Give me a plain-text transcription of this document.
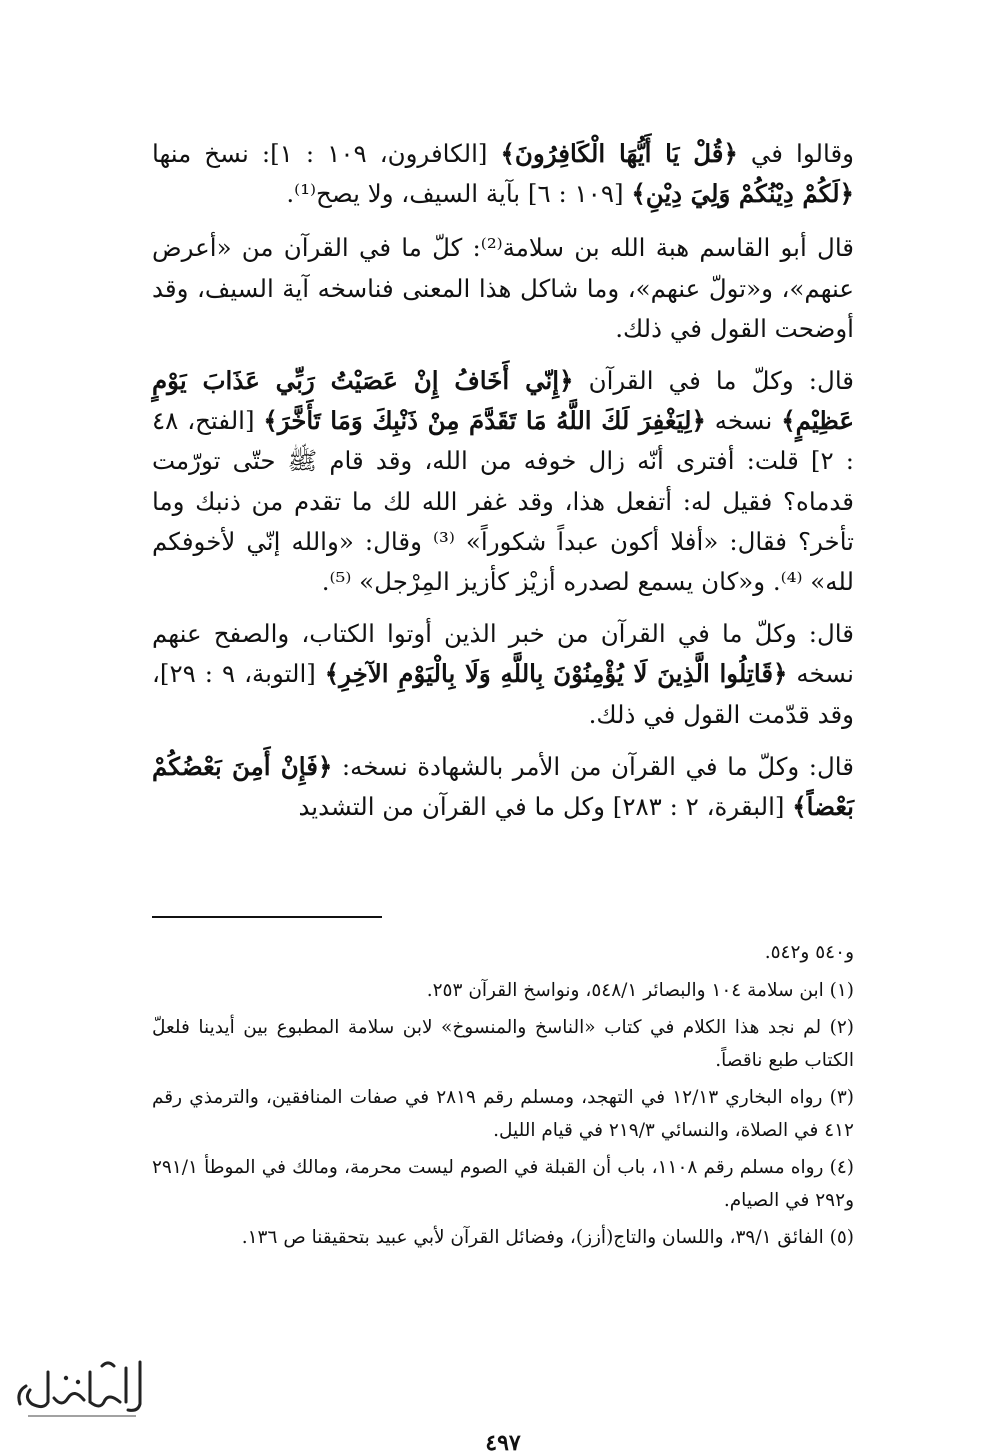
وقالوا في ﴿قُلْ يَا أَيُّهَا الْكَافِرُونَ﴾ [الكافرون، ١٠٩ : ١]: نسخ منها ﴿لَكُمْ دِيْنُكُمْ وَلِيَ دِيْنِ﴾ [١٠٩ : ٦] بآية السيف، ولا يصح⁽¹⁾.

قال أبو القاسم هبة الله بن سلامة⁽²⁾: كلّ ما في القرآن من «أعرض عنهم»، و«تولّ عنهم»، وما شاكل هذا المعنى فناسخه آية السيف، وقد أوضحت القول في ذلك.

قال: وكلّ ما في القرآن ﴿إِنّي أَخَافُ إِنْ عَصَيْتُ رَبِّي عَذَابَ يَوْمٍ عَظِيْمٍ﴾ نسخه ﴿لِيَغْفِرَ لَكَ اللَّهُ مَا تَقَدَّمَ مِنْ ذَنْبِكَ وَمَا تَأَخَّرَ﴾ [الفتح، ٤٨ : ٢] قلت: أفترى أنّه زال خوفه من الله، وقد قام ﷺ حتّى تورّمت قدماه؟ فقيل له: أتفعل هذا، وقد غفر الله لك ما تقدم من ذنبك وما تأخر؟ فقال: «أفلا أكون عبداً شكوراً» ⁽³⁾ وقال: «والله إنّي لأخوفكم لله» ⁽⁴⁾. و«كان يسمع لصدره أزيْز كأزيز المِرْجل» ⁽⁵⁾.

قال: وكلّ ما في القرآن من خبر الذين أوتوا الكتاب، والصفح عنهم نسخه ﴿قَاتِلُوا الَّذِينَ لَا يُؤْمِنُوْنَ بِاللَّهِ وَلَا بِالْيَوْمِ الآخِرِ﴾ [التوبة، ٩ : ٢٩]، وقد قدّمت القول في ذلك.

قال: وكلّ ما في القرآن من الأمر بالشهادة نسخه: ﴿فَإِنْ أَمِنَ بَعْضُكُمْ بَعْضاً﴾ [البقرة، ٢ : ٢٨٣] وكل ما في القرآن من التشديد

و٥٤٠ و٥٤٢.

(١) ابن سلامة ١٠٤ والبصائر ٥٤٨/١، ونواسخ القرآن ٢٥٣.

(٢) لم نجد هذا الكلام في كتاب «الناسخ والمنسوخ» لابن سلامة المطبوع بين أيدينا فلعلّ الكتاب طبع ناقصاً.

(٣) رواه البخاري ١٢/١٣ في التهجد، ومسلم رقم ٢٨١٩ في صفات المنافقين، والترمذي رقم ٤١٢ في الصلاة، والنسائي ٢١٩/٣ في قيام الليل.

(٤) رواه مسلم رقم ١١٠٨، باب أن القبلة في الصوم ليست محرمة، ومالك في الموطأ ٢٩١/١ و٢٩٢ في الصيام.

(٥) الفائق ٣٩/١، واللسان والتاج(أزز)، وفضائل القرآن لأبي عبيد بتحقيقنا ص ١٣٦.

٤٩٧
